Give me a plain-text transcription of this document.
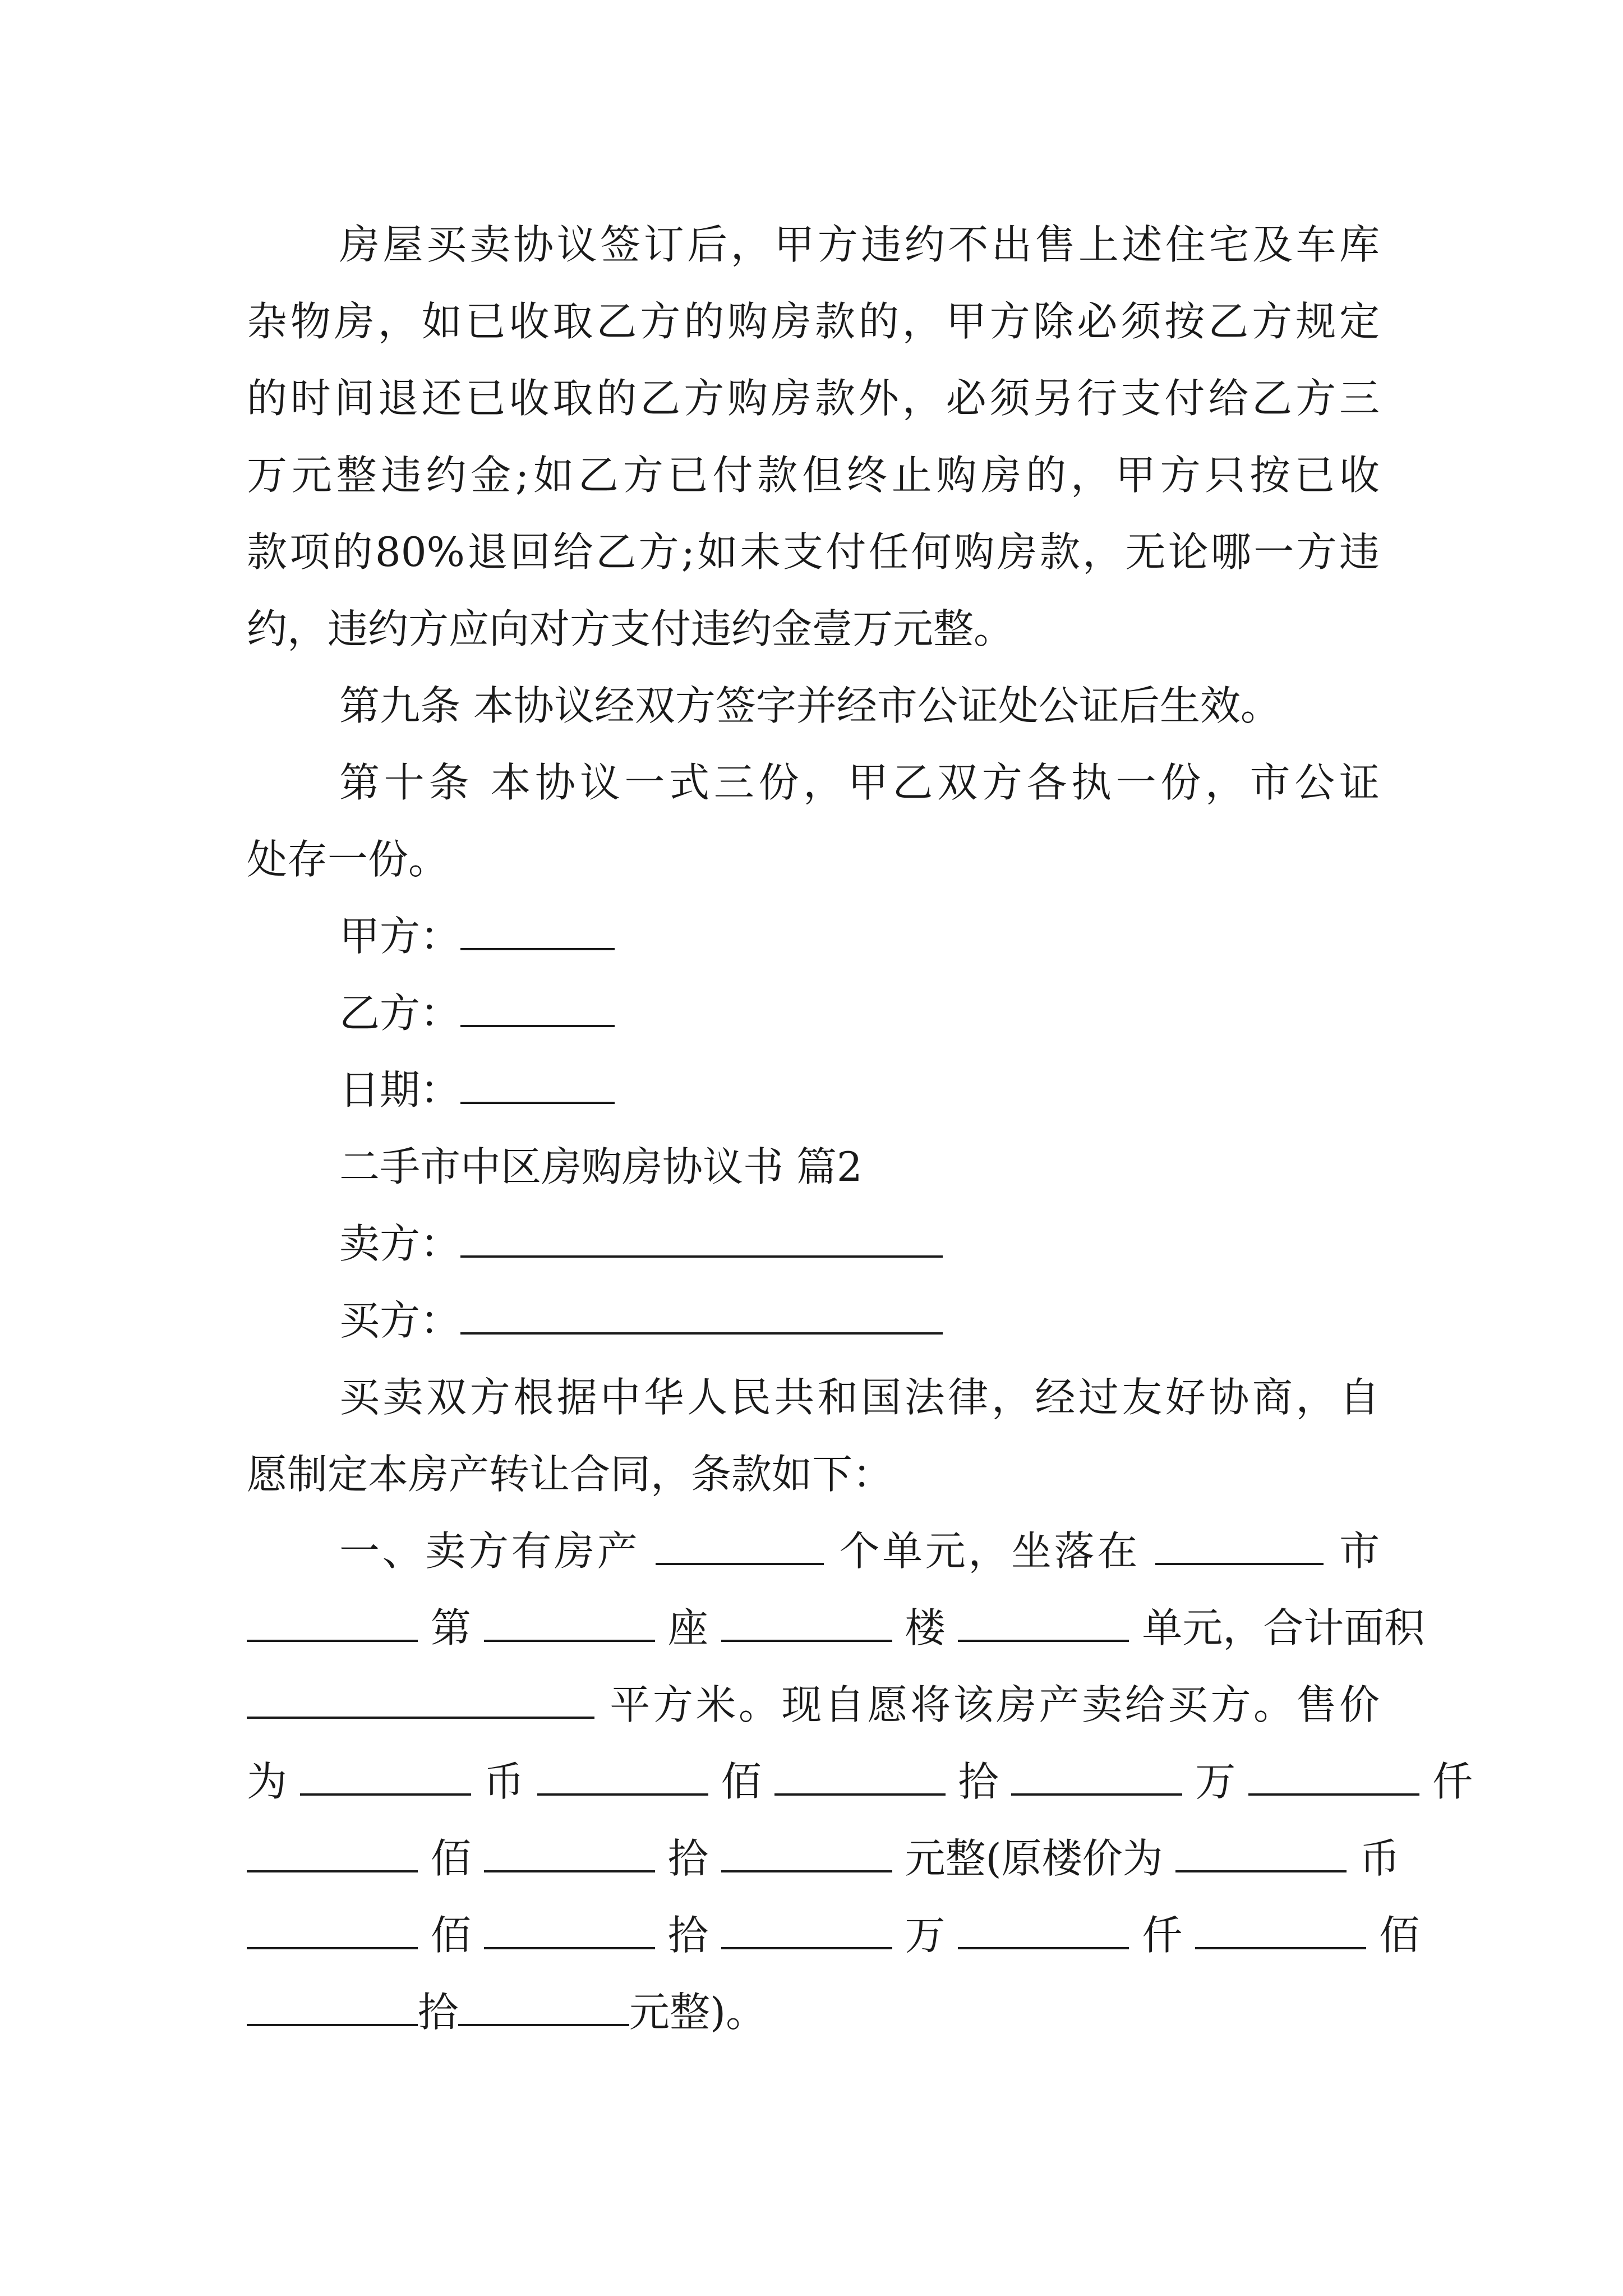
房屋买卖协议签订后，甲方违约不出售上述住宅及车库
杂物房，如已收取乙方的购房款的，甲方除必须按乙方规定
的时间退还已收取的乙方购房款外，必须另行支付给乙方三
万元整违约金;如乙方已付款但终止购房的，甲方只按已收
款项的80%退回给乙方;如未支付任何购房款，无论哪一方违
约，违约方应向对方支付违约金壹万元整。
第九条 本协议经双方签字并经市公证处公证后生效。
第十条 本协议一式三份，甲乙双方各执一份，市公证
处存一份。
甲方：
乙方：
日期：
二手市中区房购房协议书 篇2
卖方：
买方：
买卖双方根据中华人民共和国法律，经过友好协商，自
愿制定本房产转让合同，条款如下：
一、卖方有房产	个单元，坐落在	市
第	座	楼	单元，合计面积
平方米。现自愿将该房产卖给买方。售价
为	币	佰	拾	万	仟
佰	拾	元整(原楼价为	币
佰	拾	万	仟	佰
拾	元整)。
